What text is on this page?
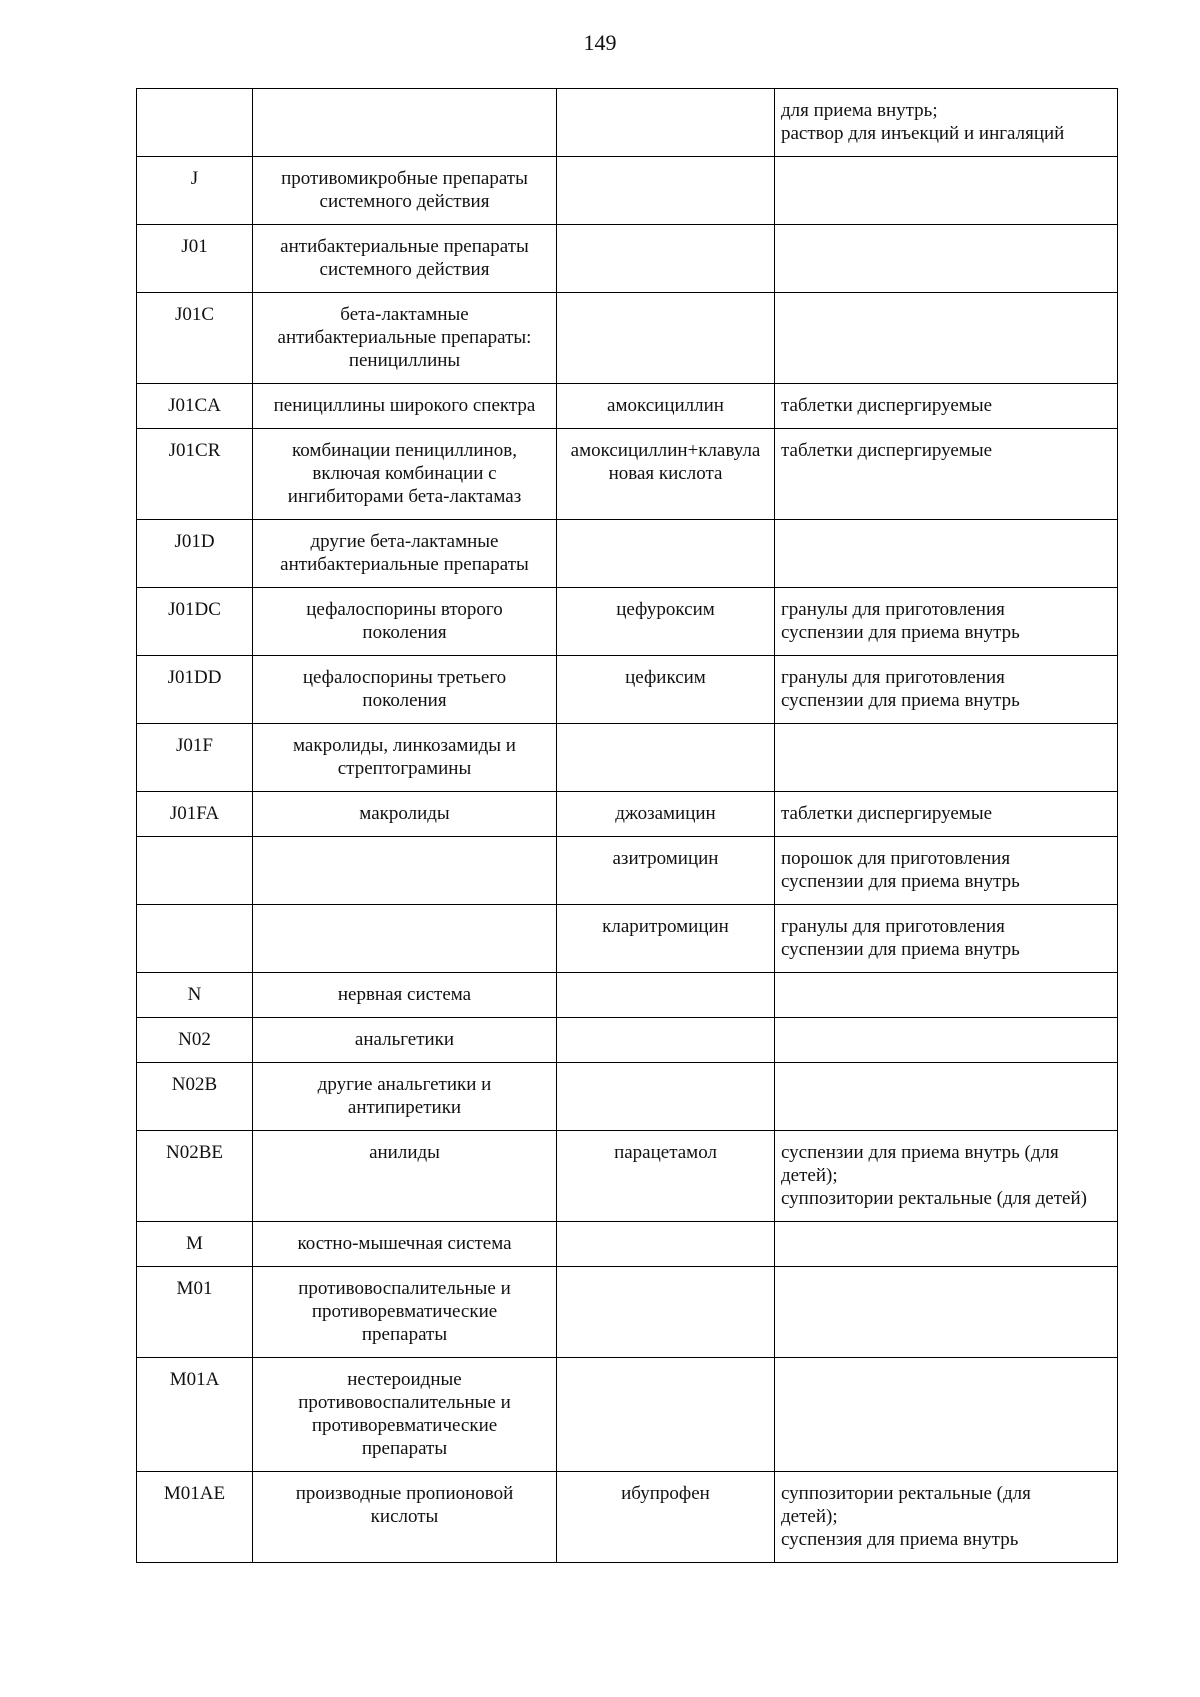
149

			для приема внутрь;
раствор для инъекций и ингаляций

J	противомикробные препараты
системного действия		

J01	антибактериальные препараты
системного действия		

J01C	бета-лактамные
антибактериальные препараты:
пенициллины		

J01CA	пенициллины широкого спектра	амоксициллин	таблетки диспергируемые

J01CR	комбинации пенициллинов,
включая комбинации с
ингибиторами бета-лактамаз	амоксициллин+клавула
новая кислота	таблетки диспергируемые

J01D	другие бета-лактамные
антибактериальные препараты		

J01DC	цефалоспорины второго
поколения	цефуроксим	гранулы для приготовления
суспензии для приема внутрь

J01DD	цефалоспорины третьего
поколения	цефиксим	гранулы для приготовления
суспензии для приема внутрь

J01F	макролиды, линкозамиды и
стрептограмины		

J01FA	макролиды	джозамицин	таблетки диспергируемые

		азитромицин	порошок для приготовления
суспензии для приема внутрь

		кларитромицин	гранулы для приготовления
суспензии для приема внутрь

N	нервная система		

N02	анальгетики		

N02B	другие анальгетики и
антипиретики		

N02BE	анилиды	парацетамол	суспензии для приема внутрь (для
детей);
суппозитории ректальные (для детей)

M	костно-мышечная система		

M01	противовоспалительные и
противоревматические
препараты		

M01A	нестероидные
противовоспалительные и
противоревматические
препараты		

M01AE	производные пропионовой
кислоты	ибупрофен	суппозитории ректальные (для
детей);
суспензия для приема внутрь
